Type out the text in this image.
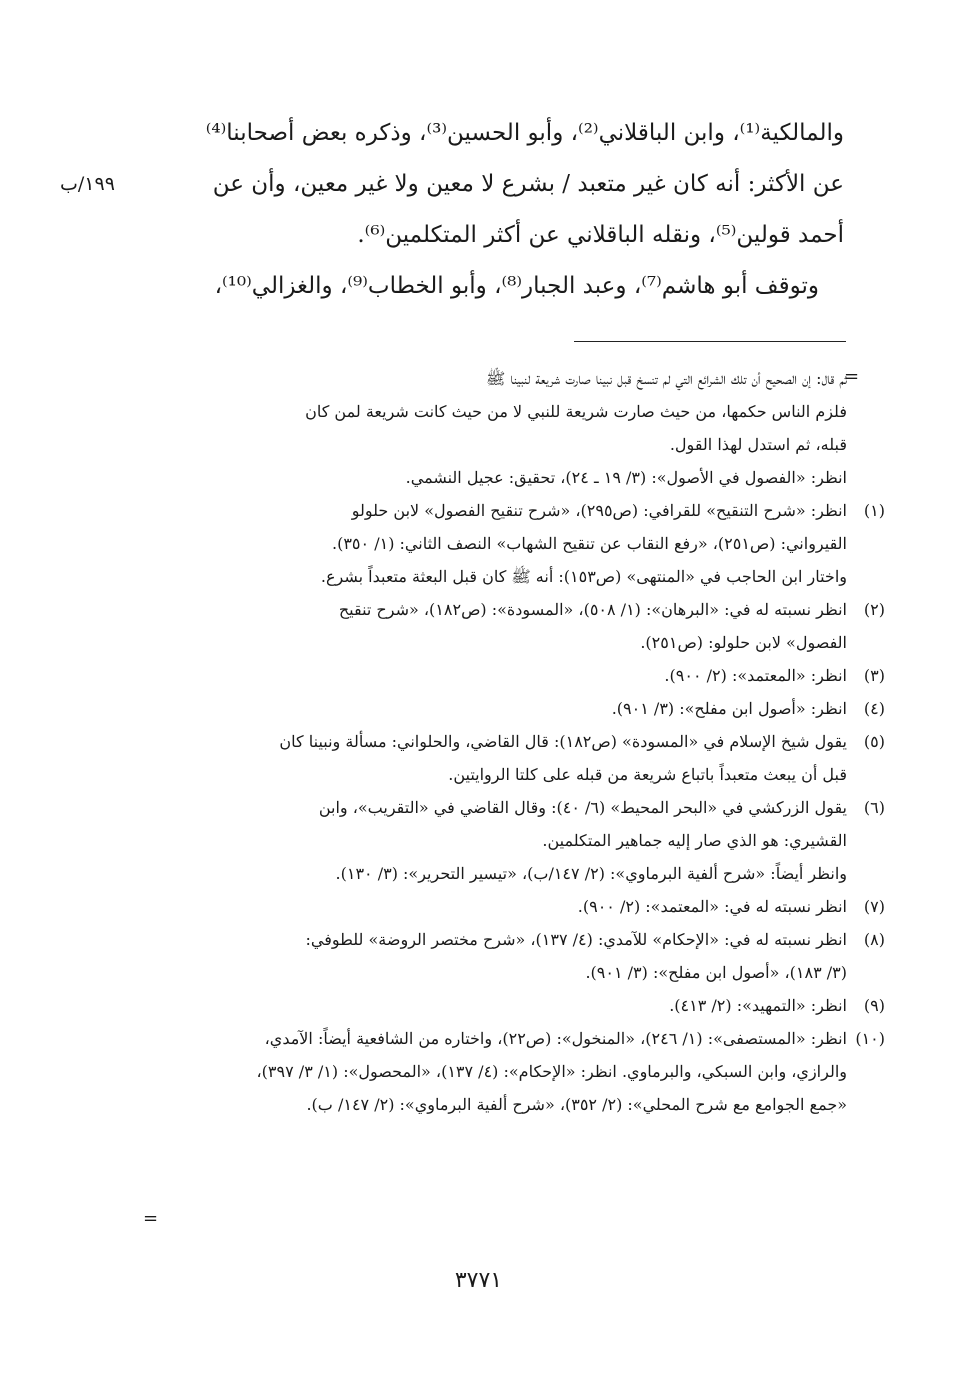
١٩٩/ب

والمالكية⁽¹⁾، وابن الباقلاني⁽²⁾، وأبو الحسين⁽³⁾، وذكره بعض أصحابنا⁽⁴⁾

عن الأكثر: أنه كان غير متعبد / بشرع لا معين ولا غير معين، وأن عن

أحمد قولين⁽⁵⁾، ونقله الباقلاني عن أكثر المتكلمين⁽⁶⁾.

وتوقف أبو هاشم⁽⁷⁾، وعبد الجبار⁽⁸⁾، وأبو الخطاب⁽⁹⁾، والغزالي⁽¹⁰⁾،

=

ثم قال: إن الصحيح أن تلك الشرائع التي لم تنسخ قبل نبينا صارت شريعة لنبينا ﷺ

فلزم الناس حكمها، من حيث صارت شريعة للنبي لا من حيث كانت شريعة لمن كان

قبله، ثم استدل لهذا القول.

انظر: «الفصول في الأصول»: (٣/ ١٩ ـ ٢٤)، تحقيق: عجيل النشمي.

(١)

انظر: «شرح التنقيح» للقرافي: (ص٢٩٥)، «شرح تنقيح الفصول» لابن حلولو

القيرواني: (ص٢٥١)، «رفع النقاب عن تنقيح الشهاب» النصف الثاني: (١/ ٣٥٠).

واختار ابن الحاجب في «المنتهى» (ص١٥٣): أنه ﷺ كان قبل البعثة متعبداً بشرع.

(٢)

انظر نسبته له في: «البرهان»: (١/ ٥٠٨)، «المسودة»: (ص١٨٢)، «شرح تنقيح

الفصول» لابن حلولو: (ص٢٥١).

(٣)

انظر: «المعتمد»: (٢/ ٩٠٠).

(٤)

انظر: «أصول ابن مفلح»: (٣/ ٩٠١).

(٥)

يقول شيخ الإسلام في «المسودة» (ص١٨٢): قال القاضي، والحلواني: مسألة ونبينا كان

قبل أن يبعث متعبداً باتباع شريعة من قبله على كلتا الروايتين.

(٦)

يقول الزركشي في «البحر المحيط» (٦/ ٤٠): وقال القاضي في «التقريب»، وابن

القشيري: هو الذي صار إليه جماهير المتكلمين.

وانظر أيضاً: «شرح ألفية البرماوي»: (٢/ ١٤٧/ب)، «تيسير التحرير»: (٣/ ١٣٠).

(٧)

انظر نسبته له في: «المعتمد»: (٢/ ٩٠٠).

(٨)

انظر نسبته له في: «الإحكام» للآمدي: (٤/ ١٣٧)، «شرح مختصر الروضة» للطوفي:

(٣/ ١٨٣)، «أصول ابن مفلح»: (٣/ ٩٠١).

(٩)

انظر: «التمهيد»: (٢/ ٤١٣).

(١٠)

انظر: «المستصفى»: (١/ ٢٤٦)، «المنخول»: (ص٢٢)، واختاره من الشافعية أيضاً: الآمدي،

والرازي، وابن السبكي، والبرماوي. انظر: «الإحكام»: (٤/ ١٣٧)، «المحصول»: (١/ ٣/ ٣٩٧)،

«جمع الجوامع مع شرح المحلي»: (٢/ ٣٥٢)، «شرح ألفية البرماوي»: (٢/ ١٤٧/ ب).

=
٣٧٧١
